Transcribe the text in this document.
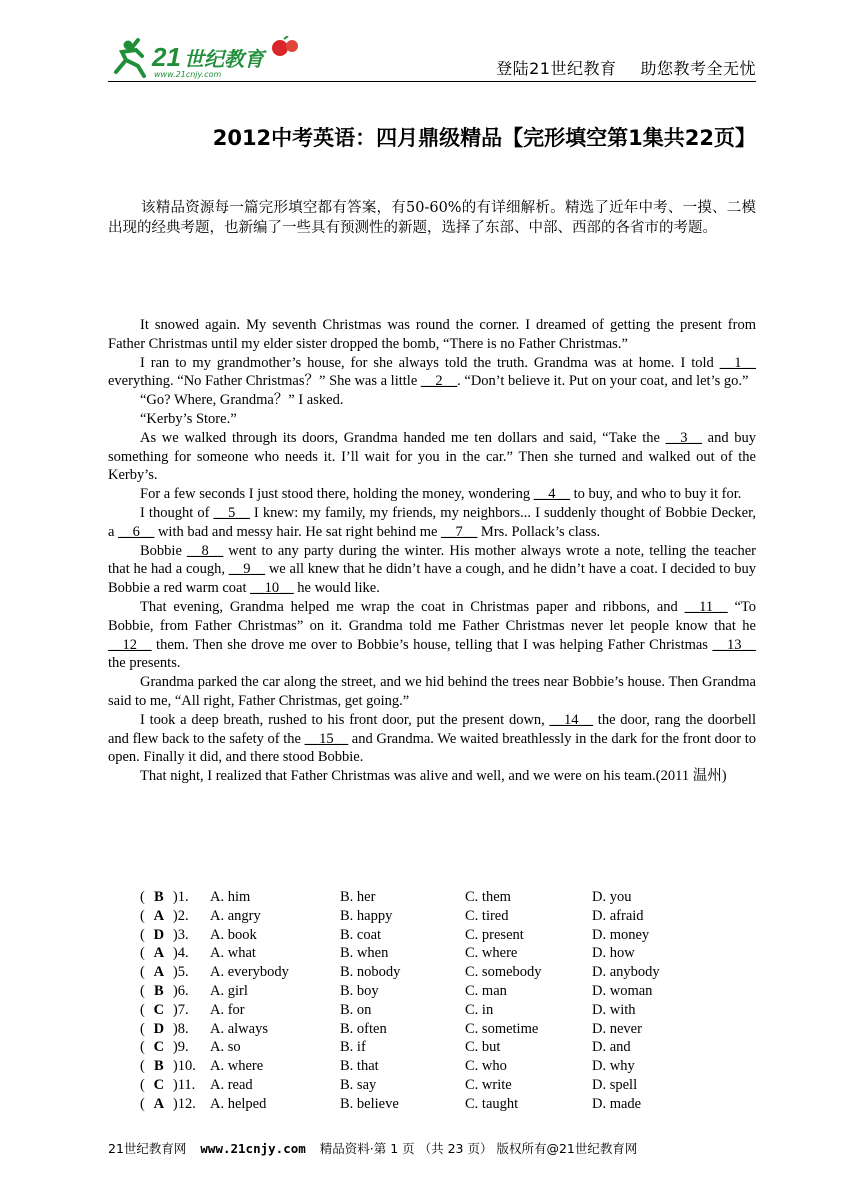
21 世纪教育
www.21cnjy.com	登陆21世纪教育 助您教考全无忧
2012中考英语：四月鼎级精品【完形填空第1集共22页】
该精品资源每一篇完形填空都有答案，有50-60%的有详细解析。精选了近年中考、一摸、二模出现的经典考题，也新编了一些具有预测性的新题，选择了东部、中部、西部的各省市的考题。

It snowed again. My seventh Christmas was round the corner. I dreamed of getting the present from Father Christmas until my elder sister dropped the bomb, “There is no Father Christmas.”

I ran to my grandmother’s house, for she always told the truth. Grandma was at home. I told __1__ everything. “No Father Christmas？” She was a little __2__. “Don’t believe it. Put on your coat, and let’s go.”

“Go? Where, Grandma？” I asked.

“Kerby’s Store.”

As we walked through its doors, Grandma handed me ten dollars and said, “Take the __3__ and buy something for someone who needs it. I’ll wait for you in the car.” Then she turned and walked out of the Kerby’s.

For a few seconds I just stood there, holding the money, wondering __4__ to buy, and who to buy it for.

I thought of __5__ I knew: my family, my friends, my neighbors... I suddenly thought of Bobbie Decker, a __6__ with bad and messy hair. He sat right behind me __7__ Mrs. Pollack’s class.

Bobbie __8__ went to any party during the winter. His mother always wrote a note, telling the teacher that he had a cough, __9__ we all knew that he didn’t have a cough, and he didn’t have a coat. I decided to buy Bobbie a red warm coat __10__ he would like.

That evening, Grandma helped me wrap the coat in Christmas paper and ribbons, and __11__ “To Bobbie, from Father Christmas” on it. Grandma told me Father Christmas never let people know that he __12__ them. Then she drove me over to Bobbie’s house, telling that I was helping Father Christmas __13__ the presents.

Grandma parked the car along the street, and we hid behind the trees near Bobbie’s house. Then Grandma said to me, “All right, Father Christmas, get going.”

I took a deep breath, rushed to his front door, put the present down, __14__ the door, rang the doorbell and flew back to the safety of the __15__ and Grandma. We waited breathlessly in the dark for the front door to open. Finally it did, and there stood Bobbie.

That night, I realized that Father Christmas was alive and well, and we were on his team.(2011 温州)

( B )1.	A. him	B. her	C. them	D. you
( A )2.	A. angry	B. happy	C. tired	D. afraid
( D )3.	A. book	B. coat	C. present	D. money
( A )4.	A. what	B. when	C. where	D. how
( A )5.	A. everybody	B. nobody	C. somebody	D. anybody
( B )6.	A. girl	B. boy	C. man	D. woman
( C )7.	A. for	B. on	C. in	D. with
( D )8.	A. always	B. often	C. sometime	D. never
( C )9.	A. so	B. if	C. but	D. and
( B )10. A. where	B. that	C. who	D. why
( C )11.	A. read	B. say	C. write	D. spell
( A )12. A. helped	B. believe	C. taught	D. made
21世纪教育网 www.21cnjy.com 精品资料·第 1 页 （共 23 页） 版权所有@21世纪教育网
